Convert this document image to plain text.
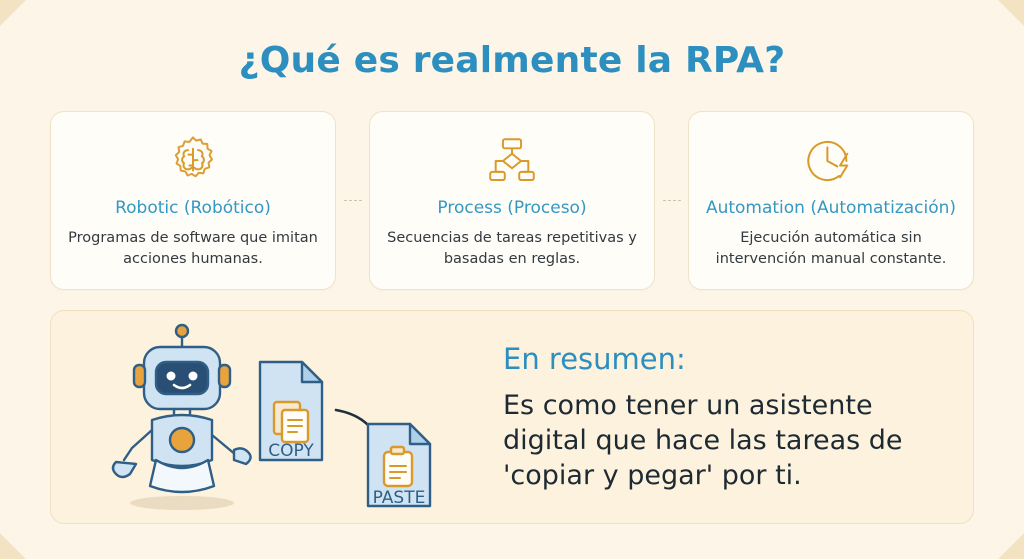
¿Qué es realmente la RPA?
Robotic (Robótico)
Programas de software que imitan acciones humanas.
Process (Proceso)
Secuencias de tareas repetitivas y basadas en reglas.
Automation (Automatización)
Ejecución automática sin intervención manual constante.
COPY
PASTE
En resumen:
Es como tener un asistente digital que hace las tareas de 'copiar y pegar' por ti.
